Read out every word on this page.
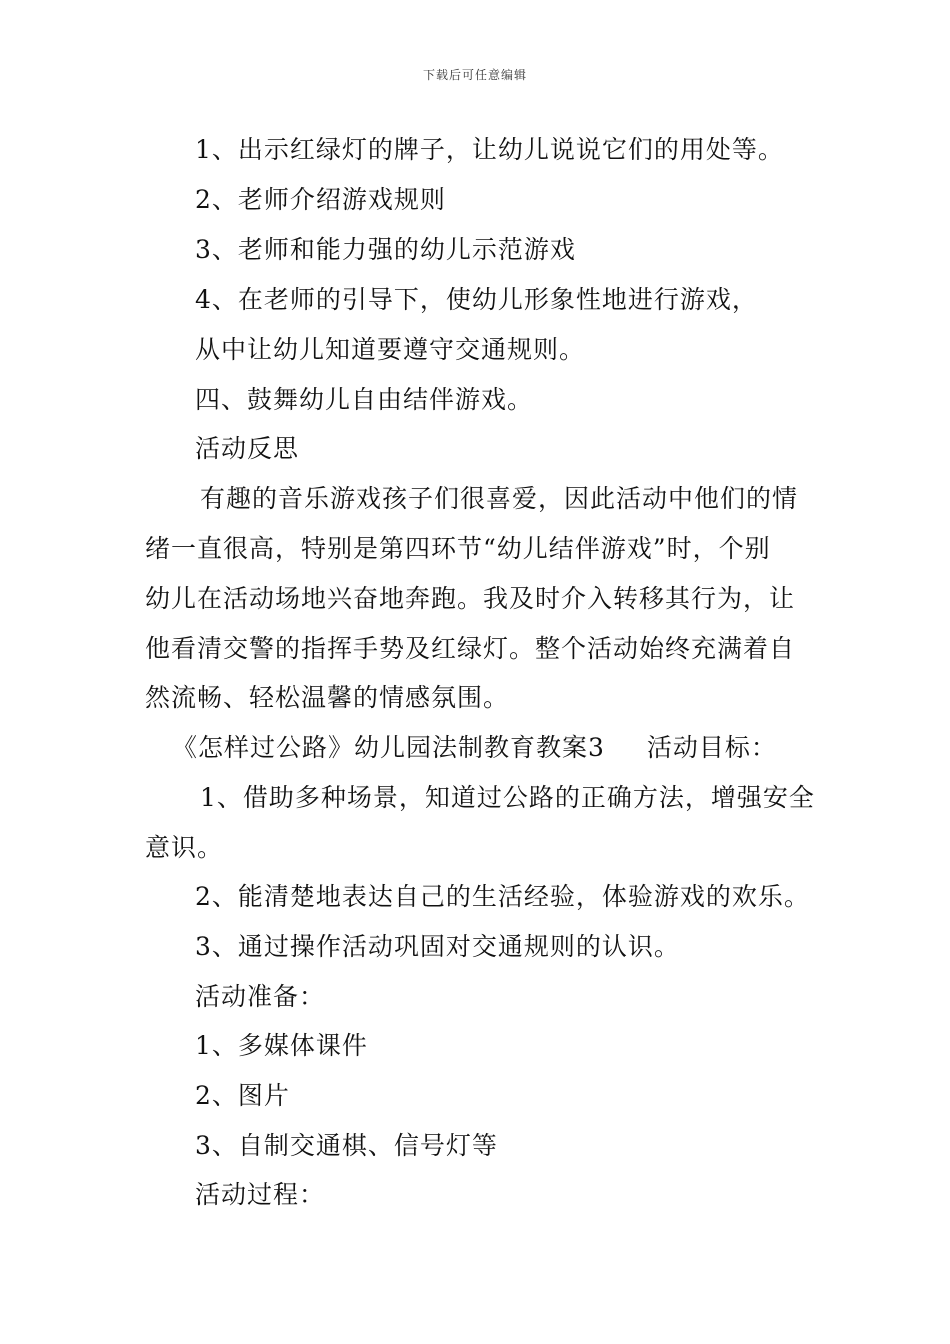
下载后可任意编辑
1、出示红绿灯的牌子，让幼儿说说它们的用处等。
2、老师介绍游戏规则
3、老师和能力强的幼儿示范游戏
4、在老师的引导下，使幼儿形象性地进行游戏，
从中让幼儿知道要遵守交通规则。
四、鼓舞幼儿自由结伴游戏。
活动反思
有趣的音乐游戏孩子们很喜爱，因此活动中他们的情
绪一直很高，特别是第四环节“幼儿结伴游戏”时，个别
幼儿在活动场地兴奋地奔跑。我及时介入转移其行为，让
他看清交警的指挥手势及红绿灯。整个活动始终充满着自
然流畅、轻松温馨的情感氛围。
《怎样过公路》幼儿园法制教育教案3 活动目标：
1、借助多种场景，知道过公路的正确方法，增强安全
意识。
2、能清楚地表达自己的生活经验，体验游戏的欢乐。
3、通过操作活动巩固对交通规则的认识。
活动准备：
1、多媒体课件
2、图片
3、自制交通棋、信号灯等
活动过程：
